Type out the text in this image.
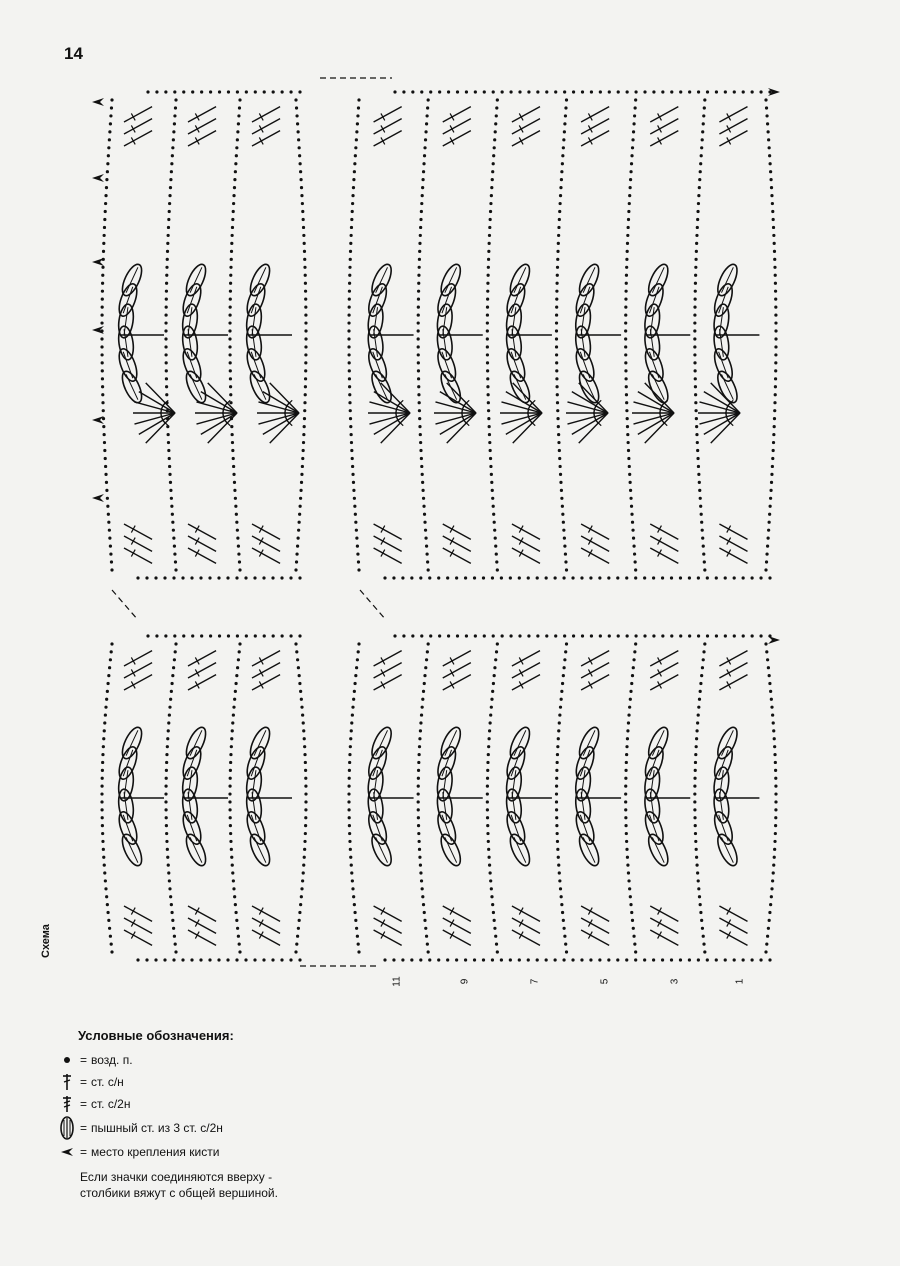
14
Схема
1
3
5
7
9
11
Условные обозначения:
= возд. п.
= ст. с/н
= ст. с/2н
= пышный ст. из 3 ст. с/2н
= место крепления кисти
Если значки соединяются вверху -
столбики вяжут с общей вершиной.
